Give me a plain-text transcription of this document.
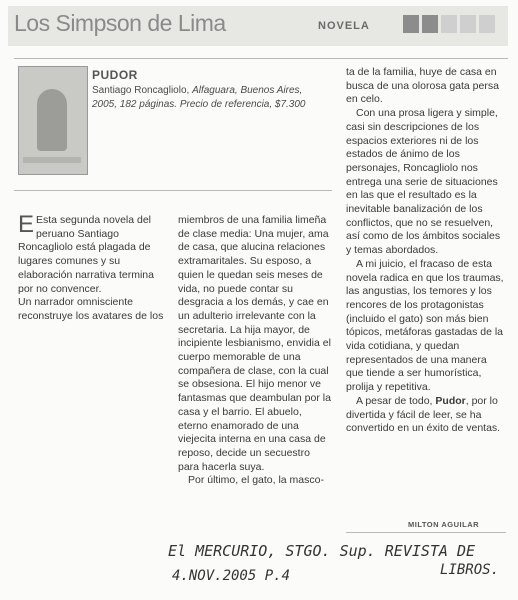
Los Simpson de Lima	NOVELA
PUDOR
Santiago Roncagliolo, Alfaguara, Buenos Aires,
2005, 182 páginas. Precio de referencia, $7.300

E Esta segunda novela del peruano Santiago Roncagliolo está plagada de lugares comunes y su elaboración narrativa termina por no convencer.

Un narrador omnisciente reconstruye los avatares de los

miembros de una familia limeña de clase media: Una mujer, ama de casa, que alucina relaciones extramaritales. Su esposo, a quien le quedan seis meses de vida, no puede contar su desgracia a los demás, y cae en un adulterio irrelevante con la secretaria. La hija mayor, de incipiente lesbianismo, envidia el cuerpo memorable de una compañera de clase, con la cual se obsesiona. El hijo menor ve fantasmas que deambulan por la casa y el barrio. El abuelo, eterno enamorado de una viejecita interna en una casa de reposo, decide un secuestro para hacerla suya.

Por último, el gato, la masco-

ta de la familia, huye de casa en busca de una olorosa gata persa en celo.

Con una prosa ligera y simple, casi sin descripciones de los espacios exteriores ni de los estados de ánimo de los personajes, Roncagliolo nos entrega una serie de situaciones en las que el resultado es la inevitable banalización de los conflictos, que no se resuelven, así como de los ámbitos sociales y temas abordados.

A mi juicio, el fracaso de esta novela radica en que los traumas, las angustias, los temores y los rencores de los protagonistas (incluido el gato) son más bien tópicos, metáforas gastadas de la vida cotidiana, y quedan representados de una manera que tiende a ser humorística, prolija y repetitiva.

A pesar de todo, Pudor, por lo divertida y fácil de leer, se ha convertido en un éxito de ventas.

MILTON AGUILAR
El MERCURIO, STGO. Sup. REVISTA DE
4.NOV.2005 P.4	LIBROS.
